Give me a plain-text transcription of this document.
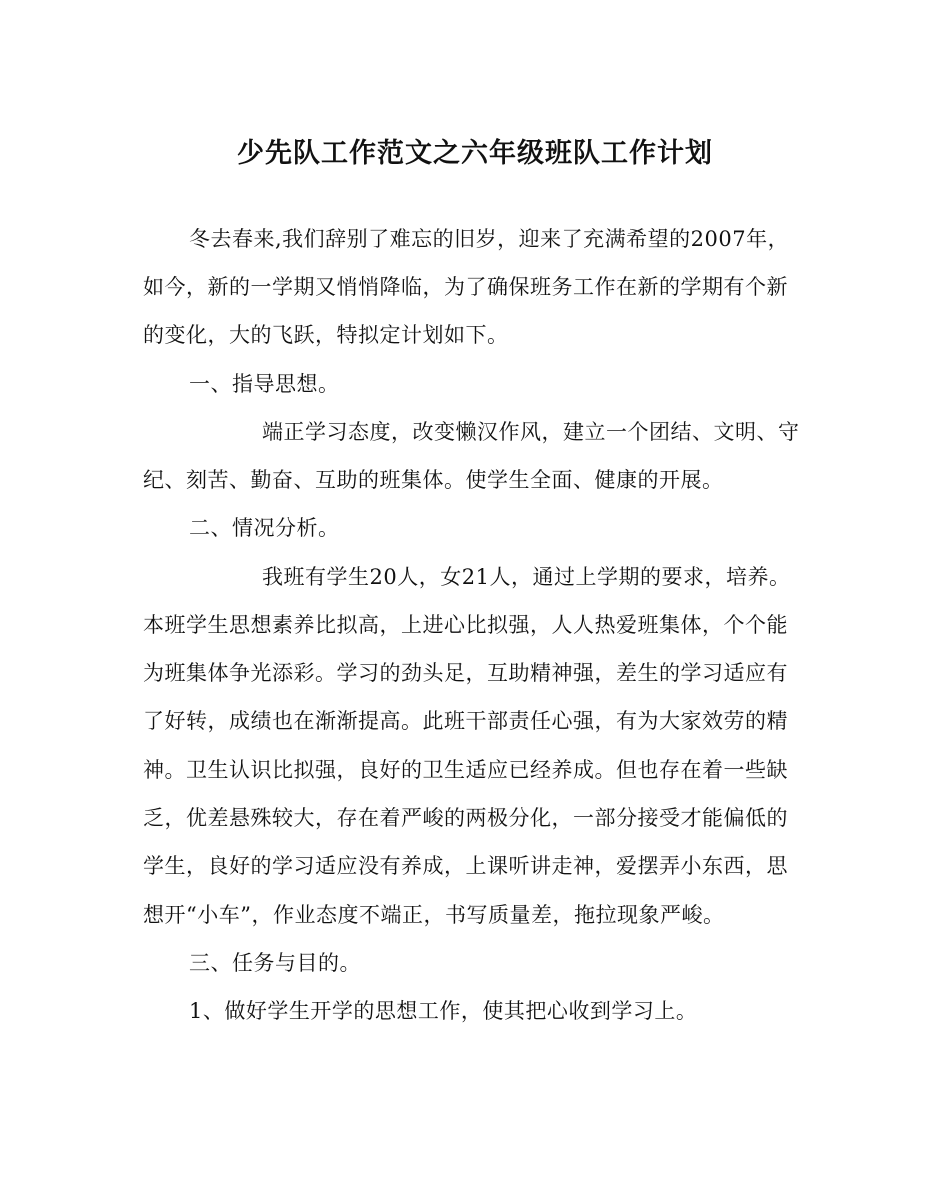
少先队工作范文之六年级班队工作计划
冬去春来,我们辞别了难忘的旧岁，迎来了充满希望的2007年，
如今，新的一学期又悄悄降临，为了确保班务工作在新的学期有个新
的变化，大的飞跃，特拟定计划如下。
一、指导思想。
端正学习态度，改变懒汉作风，建立一个团结、文明、守
纪、刻苦、勤奋、互助的班集体。使学生全面、健康的开展。
二、情况分析。
我班有学生20人，女21人，通过上学期的要求，培养。
本班学生思想素养比拟高，上进心比拟强，人人热爱班集体，个个能
为班集体争光添彩。学习的劲头足，互助精神强，差生的学习适应有
了好转，成绩也在渐渐提高。此班干部责任心强，有为大家效劳的精
神。卫生认识比拟强，良好的卫生适应已经养成。但也存在着一些缺
乏，优差悬殊较大，存在着严峻的两极分化，一部分接受才能偏低的
学生，良好的学习适应没有养成，上课听讲走神，爱摆弄小东西，思
想开“小车”，作业态度不端正，书写质量差，拖拉现象严峻。
三、任务与目的。
1、做好学生开学的思想工作，使其把心收到学习上。
